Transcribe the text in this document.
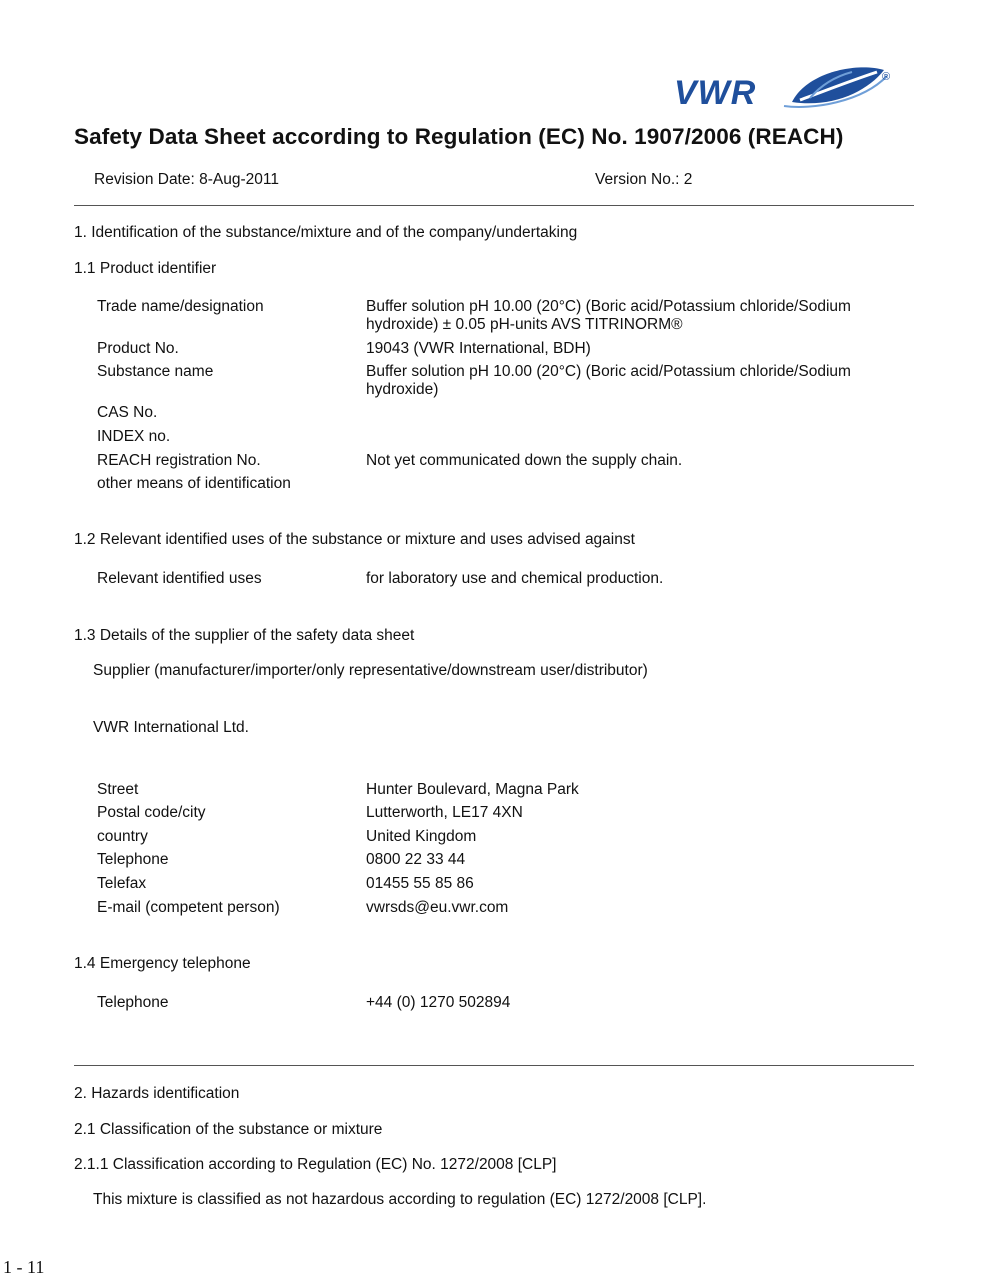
VWR	®
Safety Data Sheet according to Regulation (EC) No. 1907/2006 (REACH)
Revision Date: 8-Aug-2011	Version No.: 2
1. Identification of the substance/mixture and of the company/undertaking
1.1 Product identifier
Trade name/designation	Buffer solution pH 10.00 (20°C) (Boric acid/Potassium chloride/Sodium
hydroxide) ± 0.05 pH-units AVS TITRINORM®
Product No.	19043 (VWR International, BDH)
Substance name	Buffer solution pH 10.00 (20°C) (Boric acid/Potassium chloride/Sodium
hydroxide)
CAS No.
INDEX no.
REACH registration No.	Not yet communicated down the supply chain.
other means of identification
1.2 Relevant identified uses of the substance or mixture and uses advised against
Relevant identified uses	for laboratory use and chemical production.
1.3 Details of the supplier of the safety data sheet
Supplier (manufacturer/importer/only representative/downstream user/distributor)
VWR International Ltd.
Street	Hunter Boulevard, Magna Park
Postal code/city	Lutterworth, LE17 4XN
country	United Kingdom
Telephone	0800 22 33 44
Telefax	01455 55 85 86
E-mail (competent person)	vwrsds@eu.vwr.com
1.4 Emergency telephone
Telephone	+44 (0) 1270 502894
2. Hazards identification
2.1 Classification of the substance or mixture
2.1.1 Classification according to Regulation (EC) No. 1272/2008 [CLP]
This mixture is classified as not hazardous according to regulation (EC) 1272/2008 [CLP].
1 - 11
